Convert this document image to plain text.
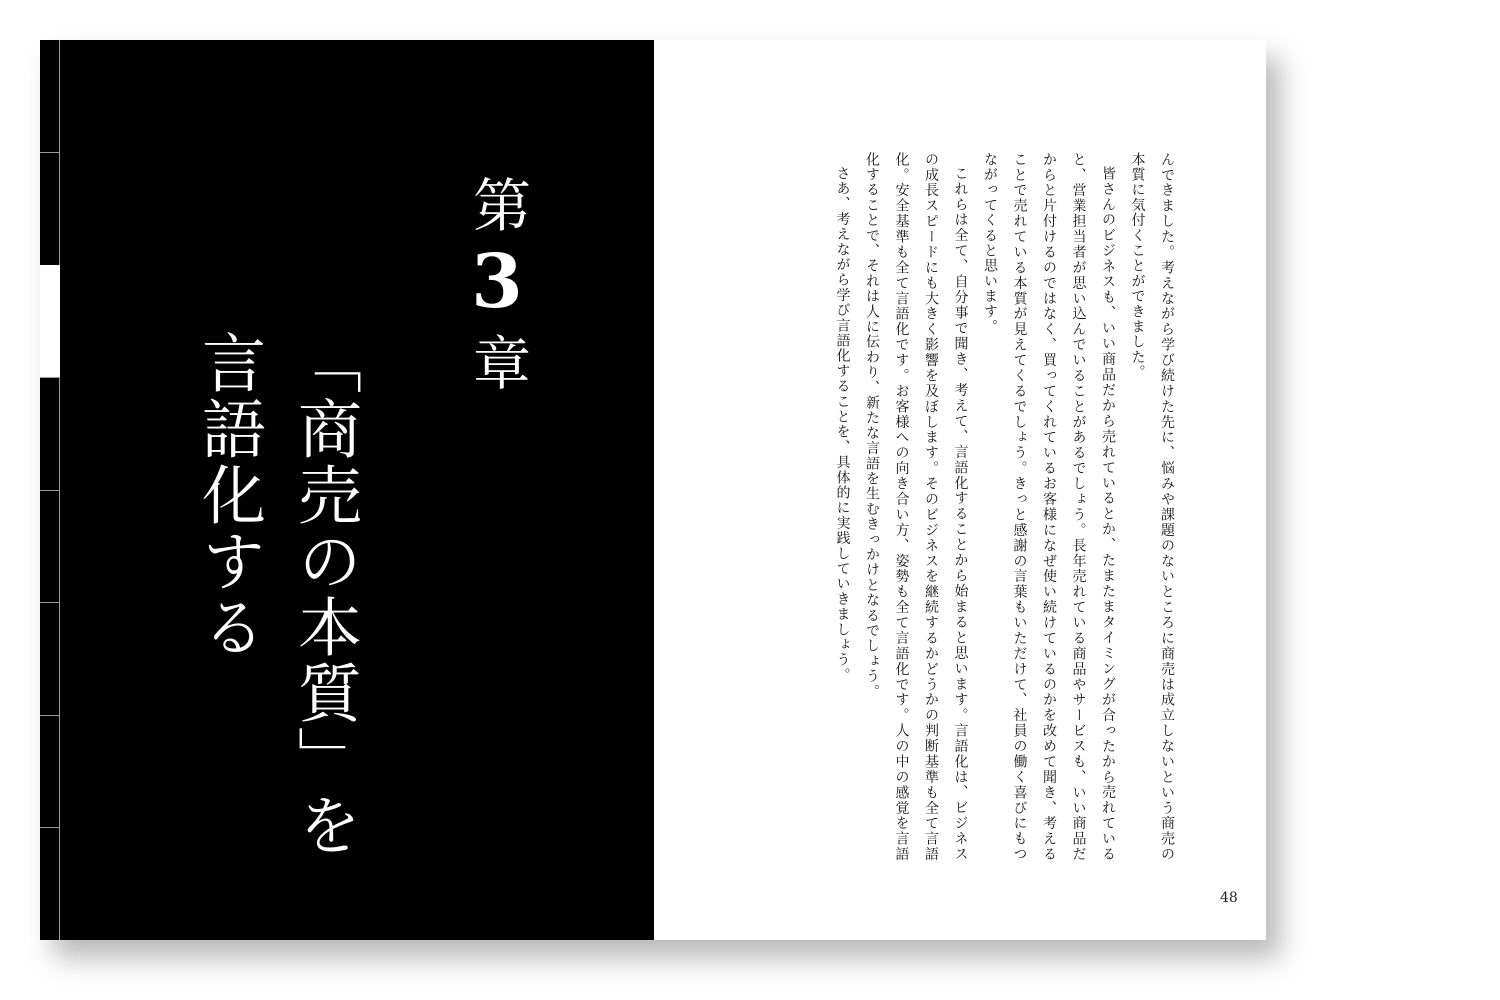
第3章
「商売の本質」を
言語化する	んできました。考えながら学び続けた先に、悩みや課題のないところに商売は成立しないという商売の本質に気付くことができました。

皆さんのビジネスも、いい商品だから売れているとか、たまたまタイミングが合ったから売れていると、営業担当者が思い込んでいることがあるでしょう。長年売れている商品やサービスも、いい商品だからと片付けるのではなく、買ってくれているお客様になぜ使い続けているのかを改めて聞き、考えることで売れている本質が見えてくるでしょう。きっと感謝の言葉もいただけて、社員の働く喜びにもつながってくると思います。

これらは全て、自分事で聞き、考えて、言語化することから始まると思います。言語化は、ビジネスの成長スピードにも大きく影響を及ぼします。そのビジネスを継続するかどうかの判断基準も全て言語化。安全基準も全て言語化です。お客様への向き合い方、姿勢も全て言語化です。人の中の感覚を言語化することで、それは人に伝わり、新たな言語を生むきっかけとなるでしょう。

さあ、考えながら学び言語化することを、具体的に実践していきましょう。

48
